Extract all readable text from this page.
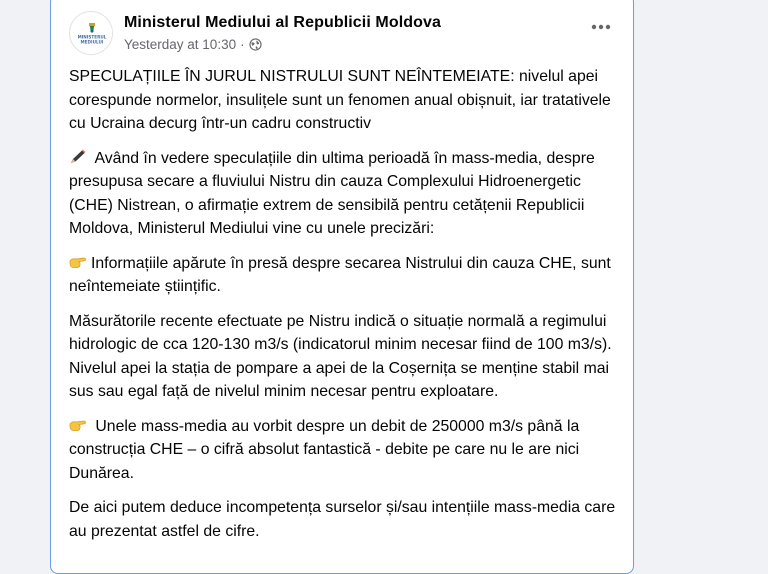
MINISTERUL
MEDIULUI
Ministerul Mediului al Republicii Moldova
Yesterday at 10:30 ·

SPECULAȚIILE ÎN JURUL NISTRULUI SUNT NEÎNTEMEIATE: nivelul apei corespunde normelor, insulițele sunt un fenomen anual obișnuit, iar tratativele cu Ucraina decurg într-un cadru constructiv

Având în vedere speculațiile din ultima perioadă în mass-media, despre presupusa secare a fluviului Nistru din cauza Complexului Hidroenergetic (CHE) Nistrean, o afirmație extrem de sensibilă pentru cetățenii Republicii Moldova, Ministerul Mediului vine cu unele precizări:

Informațiile apărute în presă despre secarea Nistrului din cauza CHE, sunt neîntemeiate științific.

Măsurătorile recente efectuate pe Nistru indică o situație normală a regimului hidrologic de cca 120-130 m3/s (indicatorul minim necesar fiind de 100 m3/s). Nivelul apei la stația de pompare a apei de la Coșernița se menține stabil mai sus sau egal față de nivelul minim necesar pentru exploatare.

Unele mass-media au vorbit despre un debit de 250000 m3/s până la construcția CHE – o cifră absolut fantastică - debite pe care nu le are nici Dunărea.

De aici putem deduce incompetența surselor și/sau intențiile mass-media care au prezentat astfel de cifre.
